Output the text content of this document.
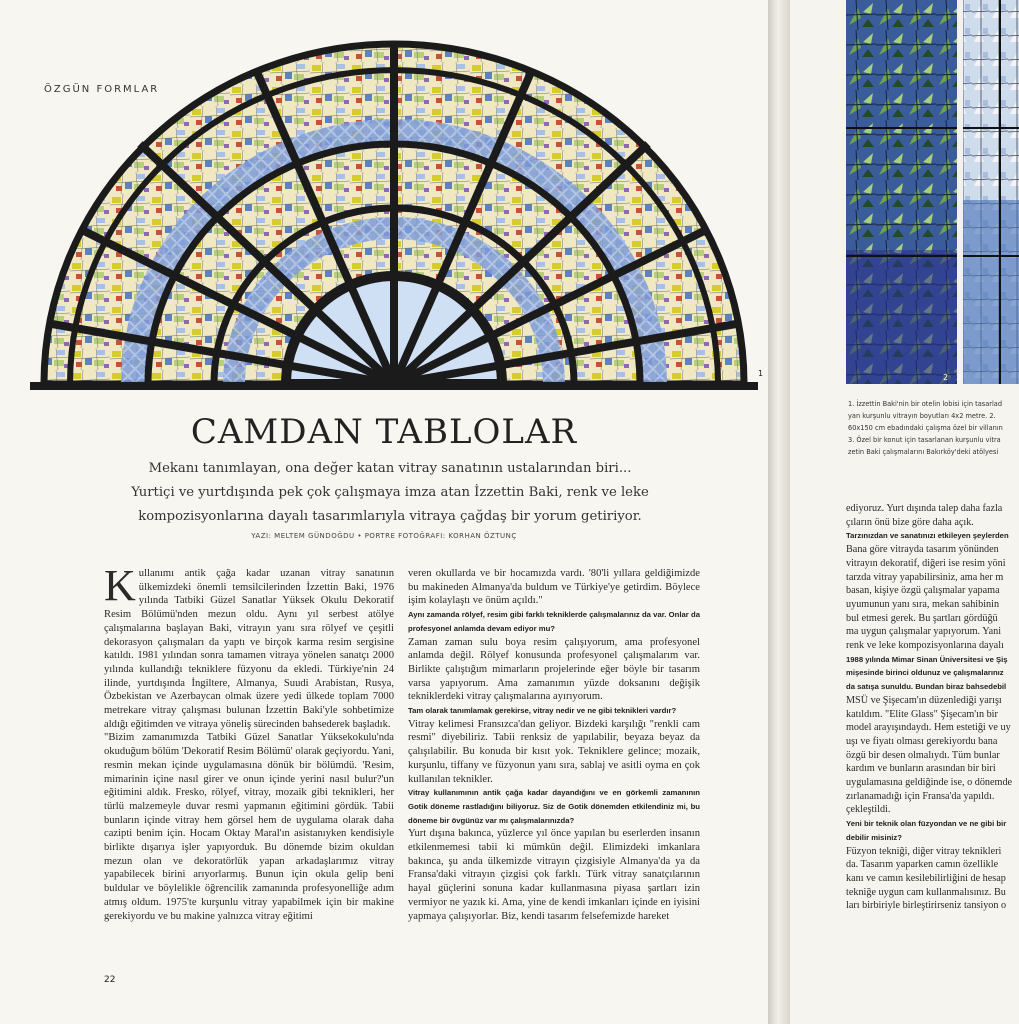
ÖZGÜN FORMLAR
1
CAMDAN TABLOLAR
Mekanı tanımlayan, ona değer katan vitray sanatının ustalarından biri...
Yurtiçi ve yurtdışında pek çok çalışmaya imza atan İzzettin Baki, renk ve leke
kompozisyonlarına dayalı tasarımlarıyla vitraya çağdaş bir yorum getiriyor.
YAZI: MELTEM GÜNDOĞDU • PORTRE FOTOĞRAFI: KORHAN ÖZTUNÇ

Kullanımı antik çağa kadar uzanan vitray sanatının ülkemizdeki önemli temsilcilerinden İzzettin Baki, 1976 yılında Tatbiki Güzel Sanatlar Yüksek Okulu Dekoratif Resim Bölümü'nden mezun oldu. Aynı yıl serbest atölye çalışmalarına başlayan Baki, vitrayın yanı sıra rölyef ve çeşitli dekorasyon çalışmaları da yaptı ve birçok karma resim sergisine katıldı. 1981 yılından sonra tamamen vitraya yönelen sanatçı 2000 yılında kullandığı tekniklere füzyonu da ekledi. Türkiye'nin 24 ilinde, yurtdışında İngiltere, Almanya, Suudi Arabistan, Rusya, Özbekistan ve Azerbaycan olmak üzere yedi ülkede toplam 7000 metrekare vitray çalışması bulunan İzzettin Baki'yle sohbetimize aldığı eğitimden ve vitraya yöneliş sürecinden bahsederek başladık.

"Bizim zamanımızda Tatbiki Güzel Sanatlar Yüksekokulu'nda okuduğum bölüm 'Dekoratif Resim Bölümü' olarak geçiyordu. Yani, resmin mekan içinde uygulamasına dönük bir bölümdü. 'Resim, mimarinin içine nasıl girer ve onun içinde yerini nasıl bulur?'un eğitimini aldık. Fresko, rölyef, vitray, mozaik gibi teknikleri, her türlü malzemeyle duvar resmi yapmanın eğitimini gördük. Tabii bunların içinde vitray hem görsel hem de uygulama olarak daha cazipti benim için. Hocam Oktay Maral'ın asistanıyken kendisiyle birlikte dışarıya işler yapıyorduk. Bu dönemde bizim okuldan mezun olan ve dekoratörlük yapan arkadaşlarımız vitray yapabilecek birini arıyorlarmış. Bunun için okula gelip beni buldular ve böylelikle öğrencilik zamanında profesyonelliğe adım atmış oldum. 1975'te kurşunlu vitray yapabilmek için bir makine gerekiyordu ve bu makine yalnızca vitray eğitimi

veren okullarda ve bir hocamızda vardı. '80'li yıllara geldiğimizde bu makineden Almanya'da buldum ve Türkiye'ye getirdim. Böylece işim kolaylaştı ve önüm açıldı."

Aynı zamanda rölyef, resim gibi farklı tekniklerde çalışmalarınız da var. Onlar da profesyonel anlamda devam ediyor mu?

Zaman zaman sulu boya resim çalışıyorum, ama profesyonel anlamda değil. Rölyef konusunda profesyonel çalışmalarım var. Birlikte çalıştığım mimarların projelerinde eğer böyle bir tasarım varsa yapıyorum. Ama zamanımın yüzde doksanını değişik tekniklerdeki vitray çalışmalarına ayırıyorum.

Tam olarak tanımlamak gerekirse, vitray nedir ve ne gibi teknikleri vardır?

Vitray kelimesi Fransızca'dan geliyor. Bizdeki karşılığı "renkli cam resmi" diyebiliriz. Tabii renksiz de yapılabilir, beyaza beyaz da çalışılabilir. Bu konuda bir kısıt yok. Tekniklere gelince; mozaik, kurşunlu, tiffany ve füzyonun yanı sıra, sablaj ve asitli oyma en çok kullanılan teknikler.

Vitray kullanımının antik çağa kadar dayandığını ve en görkemli zamanının Gotik döneme rastladığını biliyoruz. Siz de Gotik dönemden etkilendiniz mi, bu döneme bir övgünüz var mı çalışmalarınızda?

Yurt dışına bakınca, yüzlerce yıl önce yapılan bu eserlerden insanın etkilenmemesi tabii ki mümkün değil. Elimizdeki imkanlara bakınca, şu anda ülkemizde vitrayın çizgisiyle Almanya'da ya da Fransa'daki vitrayın çizgisi çok farklı. Türk vitray sanatçılarının hayal güçlerini sonuna kadar kullanmasına piyasa şartları izin vermiyor ne yazık ki. Ama, yine de kendi imkanları içinde en iyisini yapmaya çalışıyorlar. Biz, kendi tasarım felsefemizde hareket

22
2 3
1. İzzettin Baki'nin bir otelin lobisi için tasarlad
yan kurşunlu vitrayın boyutları 4x2 metre. 2.
60x150 cm ebadındaki çalışma özel bir villanın
3. Özel bir konut için tasarlanan kurşunlu vitra
zetin Baki çalışmalarını Bakırköy'deki atölyesi

ediyoruz. Yurt dışında talep daha fazla
çıların önü bize göre daha açık.

Tarzınızdan ve sanatınızı etkileyen şeylerden

Bana göre vitrayda tasarım yönünden
vitrayın dekoratif, diğeri ise resim yöni
tarzda vitray yapabilirsiniz, ama her m
basan, kişiye özgü çalışmalar yapama
uyumunun yanı sıra, mekan sahibinin
bul etmesi gerek. Bu şartları gördüğü
ma uygun çalışmalar yapıyorum. Yani
renk ve leke kompozisyonlarına dayalı

1988 yılında Mimar Sinan Üniversitesi ve Şiş
mişesinde birinci oldunuz ve çalışmalarınız
da satışa sunuldu. Bundan biraz bahsedebil

MSÜ ve Şişecam'ın düzenlediği yarışı
katıldım. "Elite Glass" Şişecam'ın bir
model arayışındaydı. Hem estetiği ve uy
uşı ve fiyatı olması gerekiyordu bana
özgü bir desen olmalıydı. Tüm bunlar
kardım ve bunların arasından bir biri
uygulamasına geldiğinde ise, o dönemde
zırlanamadığı için Fransa'da yapıldı.
çekleştildi.

Yeni bir teknik olan füzyondan ve ne gibi bir
debilir misiniz?

Füzyon tekniği, diğer vitray teknikleri
da. Tasarım yaparken camın özellikle
kanı ve camın kesilebilirliğini de hesap
tekniğe uygun cam kullanmalısınız. Bu
ları birbiriyle birleştirirseniz tansiyon o
